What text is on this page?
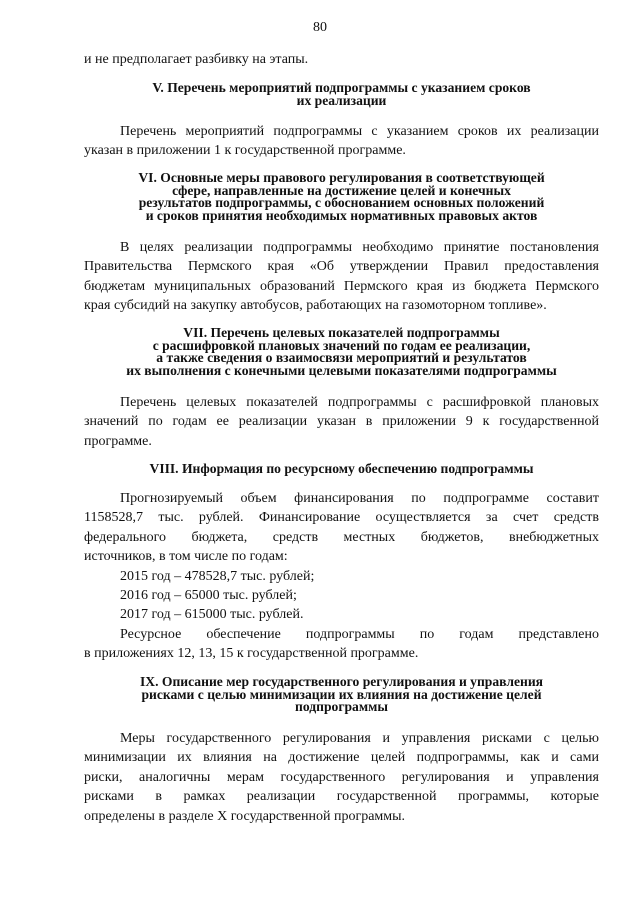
80
и не предполагает разбивку на этапы.
V. Перечень мероприятий подпрограммы с указанием сроков
их реализации
Перечень мероприятий подпрограммы с указанием сроков их реализации
указан в приложении 1 к государственной программе.
VI. Основные меры правового регулирования в соответствующей
сфере, направленные на достижение целей и конечных
результатов подпрограммы, с обоснованием основных положений
и сроков принятия необходимых нормативных правовых актов
В целях реализации подпрограммы необходимо принятие постановления
Правительства Пермского края «Об утверждении Правил предоставления
бюджетам муниципальных образований Пермского края из бюджета Пермского
края субсидий на закупку автобусов, работающих на газомоторном топливе».
VII. Перечень целевых показателей подпрограммы
с расшифровкой плановых значений по годам ее реализации,
а также сведения о взаимосвязи мероприятий и результатов
их выполнения с конечными целевыми показателями подпрограммы
Перечень целевых показателей подпрограммы с расшифровкой плановых
значений по годам ее реализации указан в приложении 9 к государственной
программе.
VIII. Информация по ресурсному обеспечению подпрограммы
Прогнозируемый объем финансирования по подпрограмме составит
1158528,7 тыс. рублей. Финансирование осуществляется за счет средств
федерального бюджета, средств местных бюджетов, внебюджетных
источников, в том числе по годам:
2015 год – 478528,7 тыс. рублей;
2016 год – 65000 тыс. рублей;
2017 год – 615000 тыс. рублей.
Ресурсное обеспечение подпрограммы по годам представлено
в приложениях 12, 13, 15 к государственной программе.
IX. Описание мер государственного регулирования и управления
рисками с целью минимизации их влияния на достижение целей
подпрограммы
Меры государственного регулирования и управления рисками с целью
минимизации их влияния на достижение целей подпрограммы, как и сами
риски, аналогичны мерам государственного регулирования и управления
рисками в рамках реализации государственной программы, которые
определены в разделе X государственной программы.
